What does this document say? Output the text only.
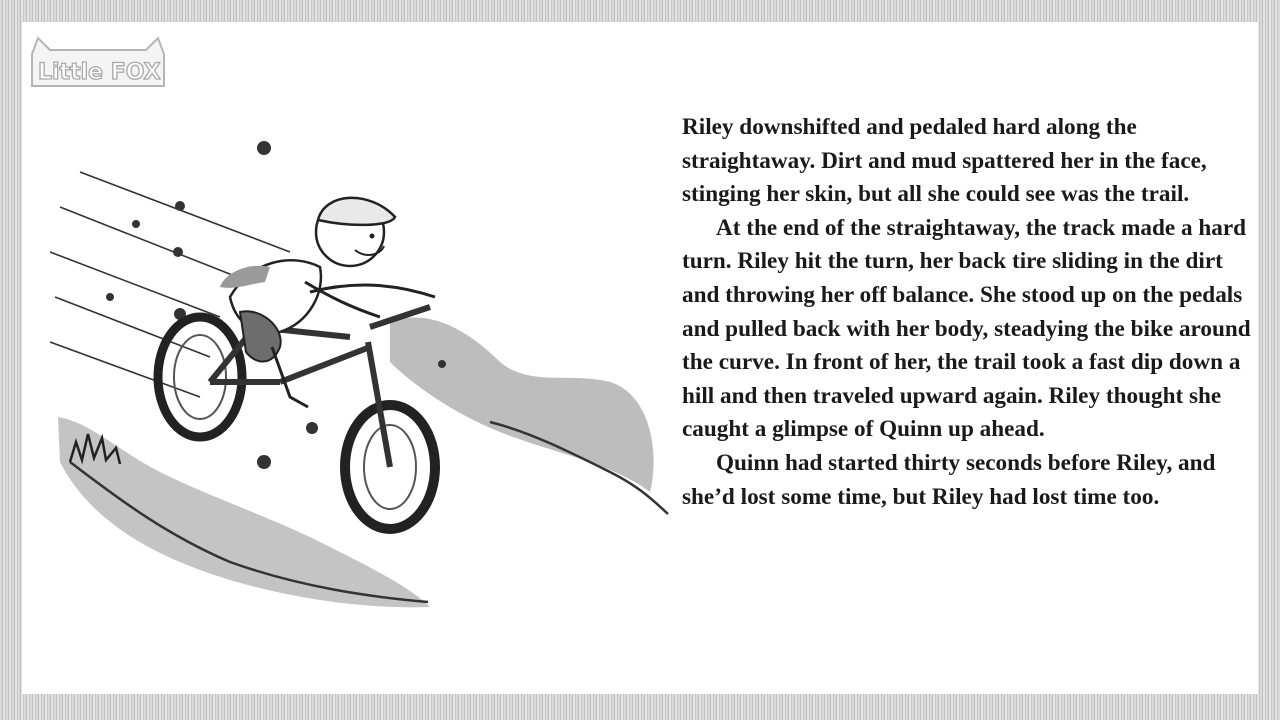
Little FOX

Riley downshifted and pedaled hard along the straightaway. Dirt and mud spattered her in the face, stinging her skin, but all she could see was the trail.

At the end of the straightaway, the track made a hard turn. Riley hit the turn, her back tire sliding in the dirt and throwing her off balance. She stood up on the pedals and pulled back with her body, steadying the bike around the curve. In front of her, the trail took a fast dip down a hill and then traveled upward again. Riley thought she caught a glimpse of Quinn up ahead.

Quinn had started thirty seconds before Riley, and she’d lost some time, but Riley had lost time too.
